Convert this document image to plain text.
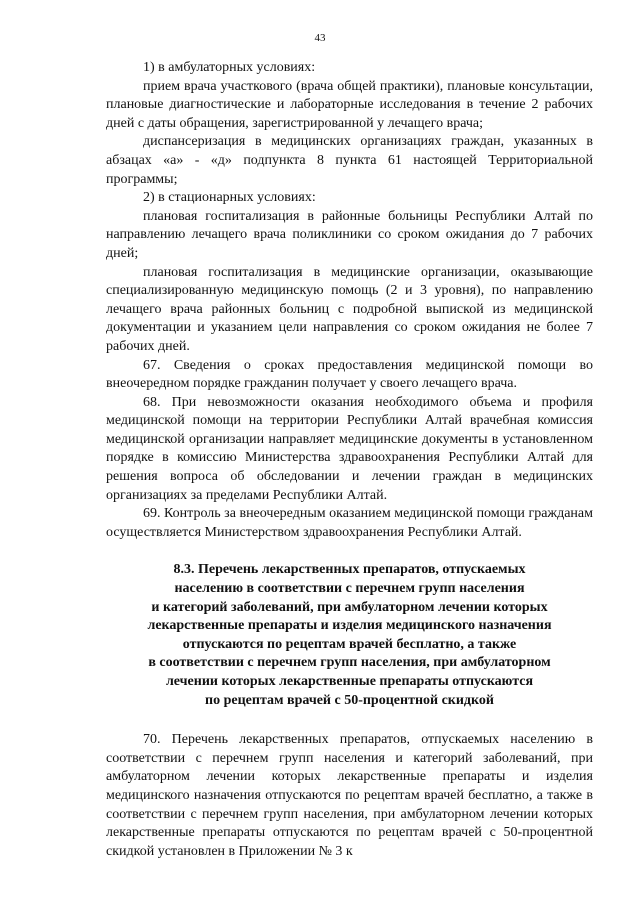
43

1) в амбулаторных условиях:

прием врача участкового (врача общей практики), плановые консультации, плановые диагностические и лабораторные исследования в течение 2 рабочих дней с даты обращения, зарегистрированной у лечащего врача;

диспансеризация в медицинских организациях граждан, указанных в абзацах «а» - «д» подпункта 8 пункта 61 настоящей Территориальной программы;

2) в стационарных условиях:

плановая госпитализация в районные больницы Республики Алтай по направлению лечащего врача поликлиники со сроком ожидания до 7 рабочих дней;

плановая госпитализация в медицинские организации, оказывающие специализированную медицинскую помощь (2 и 3 уровня), по направлению лечащего врача районных больниц с подробной выпиской из медицинской документации и указанием цели направления со сроком ожидания не более 7 рабочих дней.

67. Сведения о сроках предоставления медицинской помощи во внеочередном порядке гражданин получает у своего лечащего врача.

68. При невозможности оказания необходимого объема и профиля медицинской помощи на территории Республики Алтай врачебная комиссия медицинской организации направляет медицинские документы в установленном порядке в комиссию Министерства здравоохранения Республики Алтай для решения вопроса об обследовании и лечении граждан в медицинских организациях за пределами Республики Алтай.

69. Контроль за внеочередным оказанием медицинской помощи гражданам осуществляется Министерством здравоохранения Республики Алтай.

8.3. Перечень лекарственных препаратов, отпускаемых
населению в соответствии с перечнем групп населения
и категорий заболеваний, при амбулаторном лечении которых
лекарственные препараты и изделия медицинского назначения
отпускаются по рецептам врачей бесплатно, а также
в соответствии с перечнем групп населения, при амбулаторном
лечении которых лекарственные препараты отпускаются
по рецептам врачей с 50-процентной скидкой

70. Перечень лекарственных препаратов, отпускаемых населению в соответствии с перечнем групп населения и категорий заболеваний, при амбулаторном лечении которых лекарственные препараты и изделия медицинского назначения отпускаются по рецептам врачей бесплатно, а также в соответствии с перечнем групп населения, при амбулаторном лечении которых лекарственные препараты отпускаются по рецептам врачей с 50-процентной скидкой установлен в Приложении № 3 к
